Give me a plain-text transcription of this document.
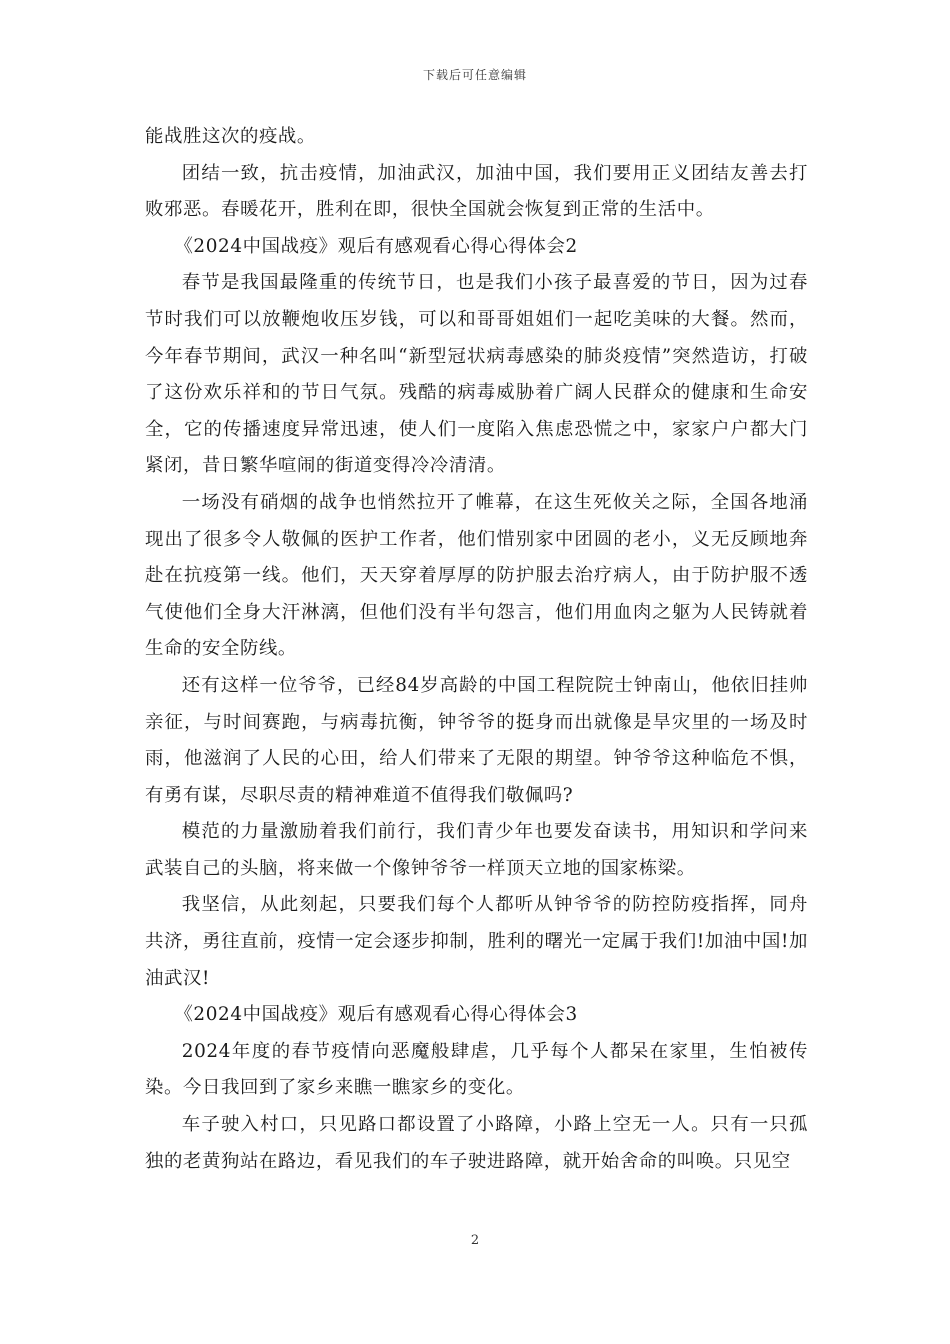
下载后可任意编辑

能战胜这次的疫战。

团结一致，抗击疫情，加油武汉，加油中国，我们要用正义团结友善去打败邪恶。春暖花开，胜利在即，很快全国就会恢复到正常的生活中。

《2024中国战疫》观后有感观看心得心得体会2

春节是我国最隆重的传统节日，也是我们小孩子最喜爱的节日，因为过春节时我们可以放鞭炮收压岁钱，可以和哥哥姐姐们一起吃美味的大餐。然而，今年春节期间，武汉一种名叫“新型冠状病毒感染的肺炎疫情”突然造访，打破了这份欢乐祥和的节日气氛。残酷的病毒威胁着广阔人民群众的健康和生命安全，它的传播速度异常迅速，使人们一度陷入焦虑恐慌之中，家家户户都大门紧闭，昔日繁华喧闹的街道变得冷冷清清。

一场没有硝烟的战争也悄然拉开了帷幕，在这生死攸关之际，全国各地涌现出了很多令人敬佩的医护工作者，他们惜别家中团圆的老小，义无反顾地奔赴在抗疫第一线。他们，天天穿着厚厚的防护服去治疗病人，由于防护服不透气使他们全身大汗淋漓，但他们没有半句怨言，他们用血肉之躯为人民铸就着生命的安全防线。

还有这样一位爷爷，已经84岁高龄的中国工程院院士钟南山，他依旧挂帅亲征，与时间赛跑，与病毒抗衡，钟爷爷的挺身而出就像是旱灾里的一场及时雨，他滋润了人民的心田，给人们带来了无限的期望。钟爷爷这种临危不惧，有勇有谋，尽职尽责的精神难道不值得我们敬佩吗?

模范的力量激励着我们前行，我们青少年也要发奋读书，用知识和学问来武装自己的头脑，将来做一个像钟爷爷一样顶天立地的国家栋梁。

我坚信，从此刻起，只要我们每个人都听从钟爷爷的防控防疫指挥，同舟共济，勇往直前，疫情一定会逐步抑制，胜利的曙光一定属于我们!加油中国!加油武汉!

《2024中国战疫》观后有感观看心得心得体会3

2024年度的春节疫情向恶魔般肆虐，几乎每个人都呆在家里，生怕被传染。今日我回到了家乡来瞧一瞧家乡的变化。

车子驶入村口，只见路口都设置了小路障，小路上空无一人。只有一只孤独的老黄狗站在路边，看见我们的车子驶进路障，就开始舍命的叫唤。只见空

2
